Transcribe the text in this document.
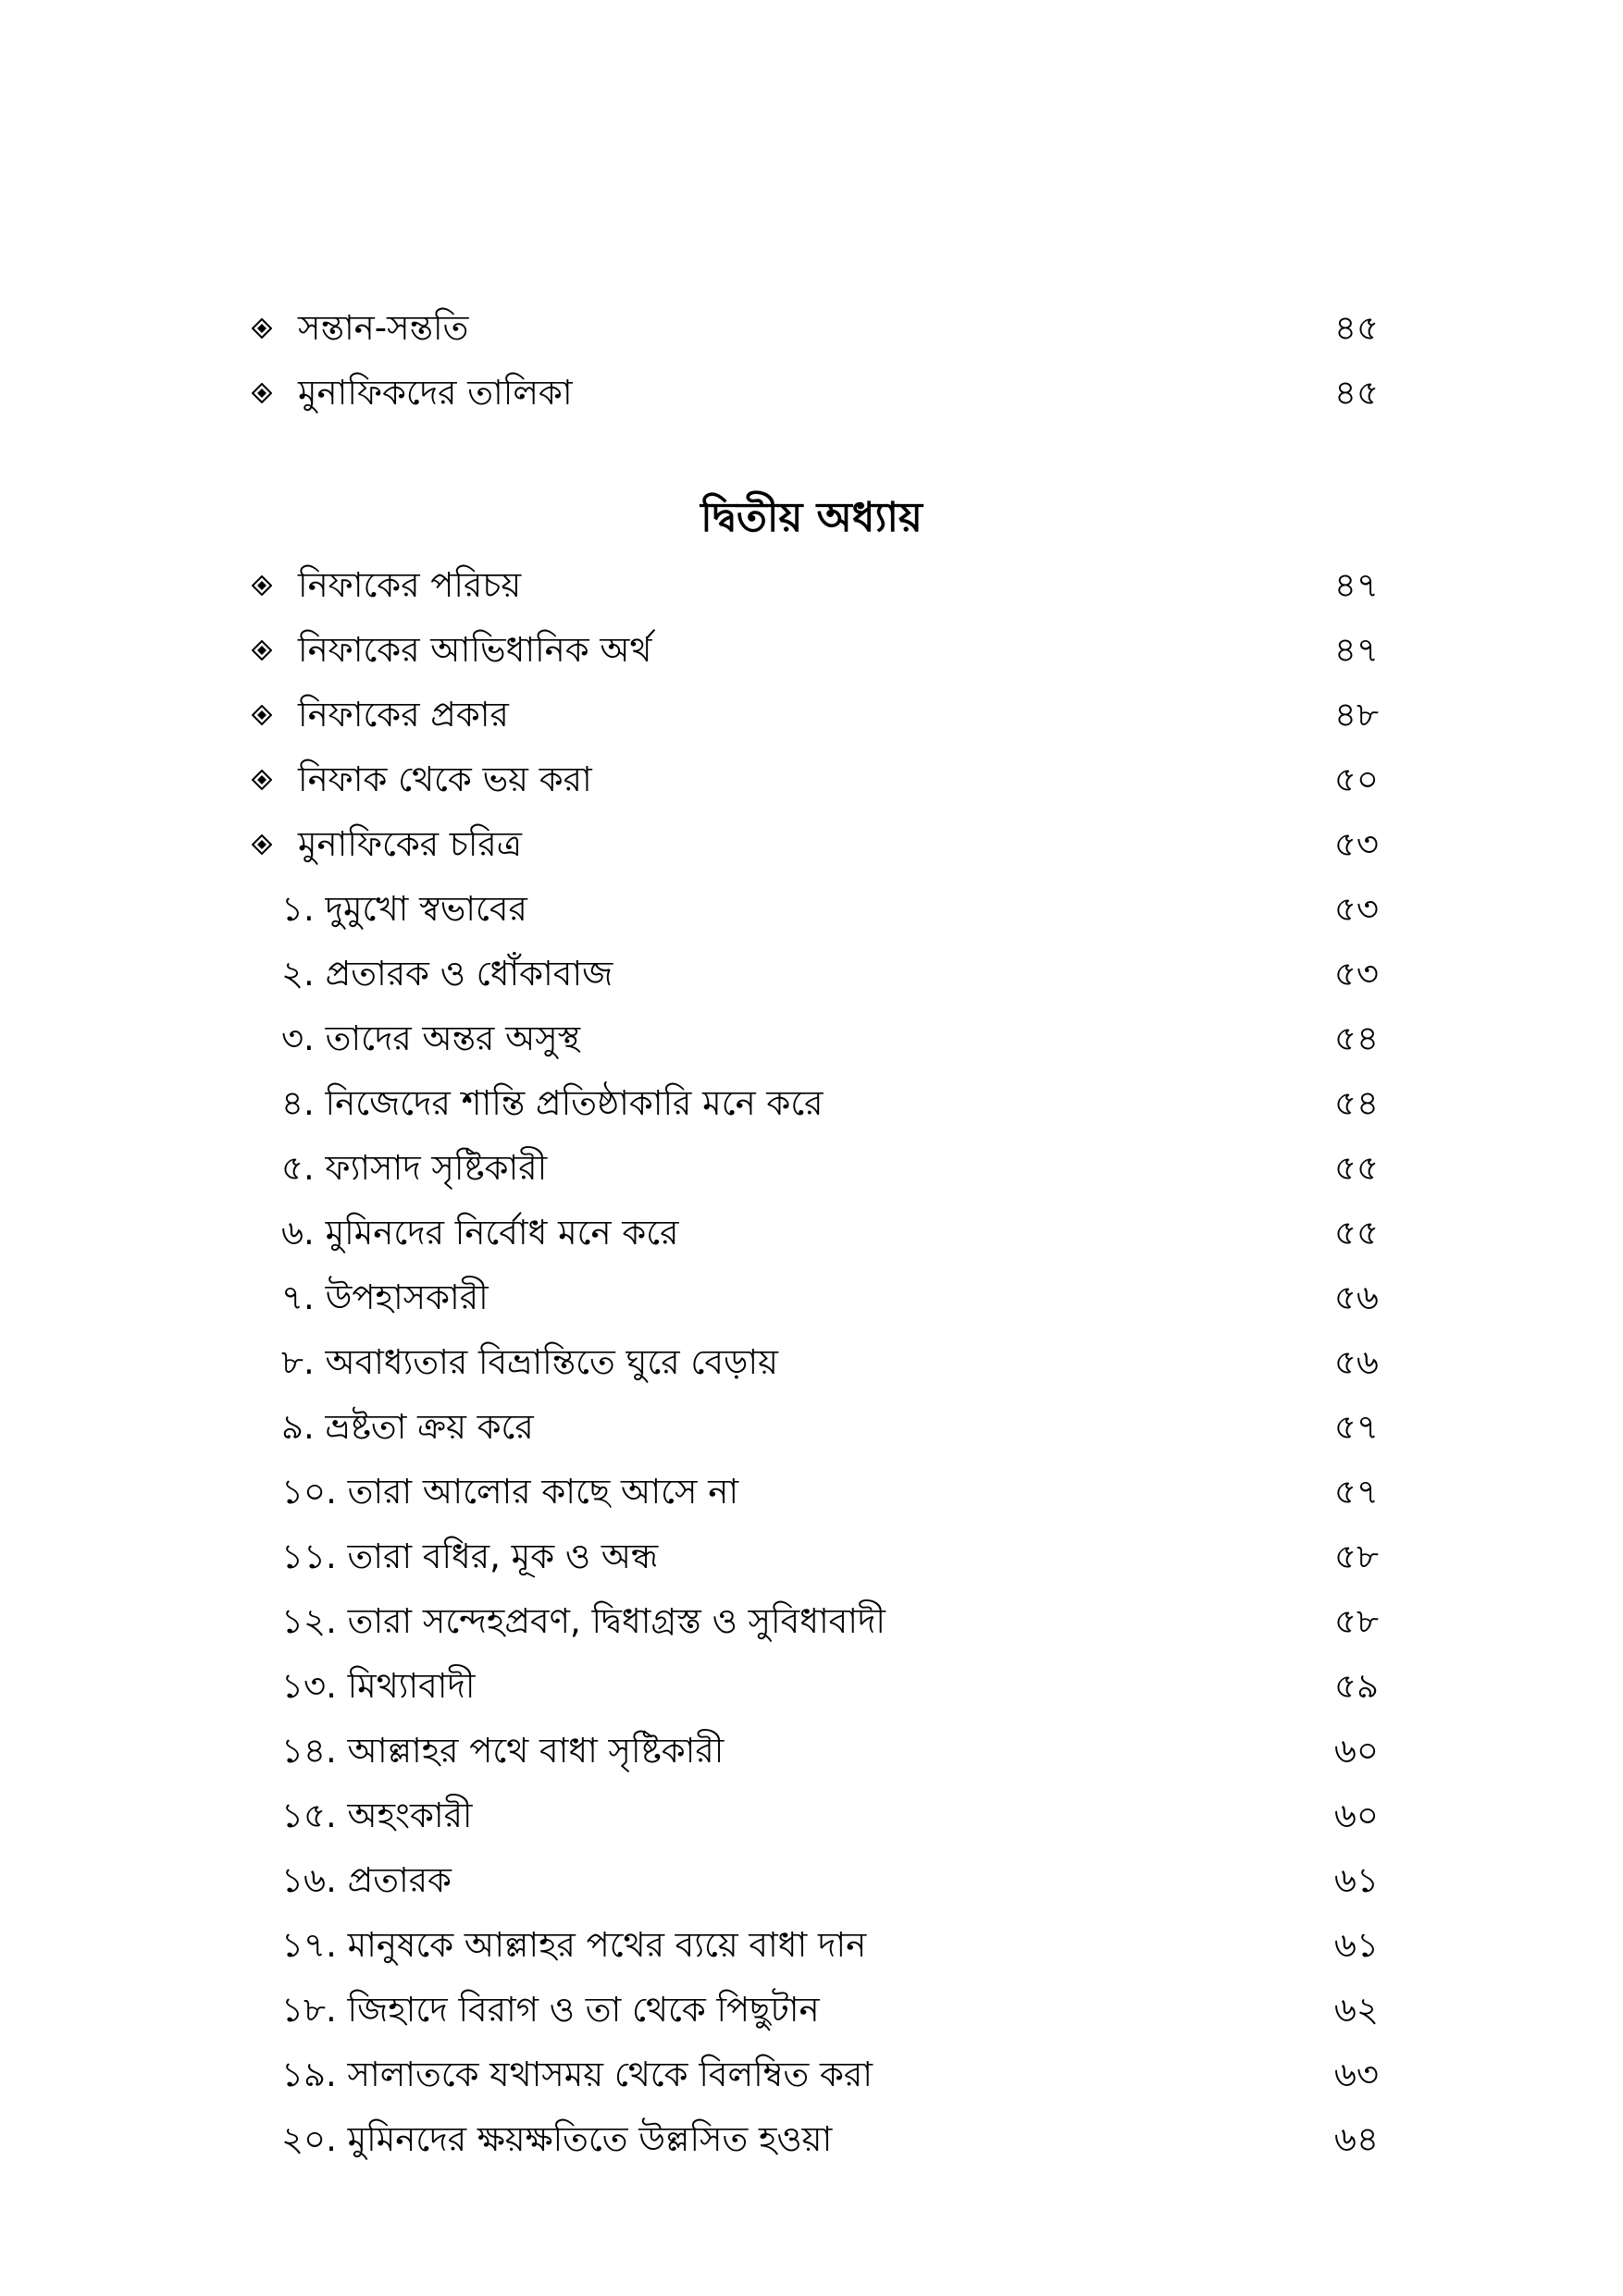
সন্তান-সন্ততি	৪৫
মুনাফিকদের তালিকা	৪৫
দ্বিতীয় অধ্যায়
নিফাকের পরিচয়	৪৭
নিফাকের আভিধানিক অর্থ	৪৭
নিফাকের প্রকার	৪৮
নিফাক থেকে ভয় করা	৫০
মুনাফিকের চরিত্র	৫৩
১. দুমুখো স্বভাবের	৫৩
২. প্রতারক ও ধোঁকাবাজ	৫৩
৩. তাদের অন্তর অসুস্থ	৫৪
৪. নিজেদের শান্তি প্রতিষ্ঠাকারি মনে করে	৫৪
৫. ফ্যাসাদ সৃষ্টিকারী	৫৫
৬. মুমিনদের নির্বোধ মনে করে	৫৫
৭. উপহাসকারী	৫৬
৮. অবাধ্যতার বিভ্রান্তিতে ঘুরে বেড়ায়	৫৬
৯. ভ্রষ্টতা ক্রয় করে	৫৭
১০. তারা আলোর কাছে আসে না	৫৭
১১. তারা বধির, মূক ও অন্ধ	৫৮
১২. তারা সন্দেহপ্রবণ, দ্বিধাগ্রস্ত ও সুবিধাবাদী	৫৮
১৩. মিথ্যাবাদী	৫৯
১৪. আল্লাহর পথে বাধা সৃষ্টিকারী	৬০
১৫. অহংকারী	৬০
১৬. প্রতারক	৬১
১৭. মানুষকে আল্লাহর পথের ব্যয়ে বাধা দান	৬১
১৮. জিহাদে বিরাগ ও তা থেকে পিছুটান	৬২
১৯. সালাতকে যথাসময় থেকে বিলম্বিত করা	৬৩
২০. মুমিনদের ক্ষয়ক্ষতিতে উল্লসিত হওয়া	৬৪
